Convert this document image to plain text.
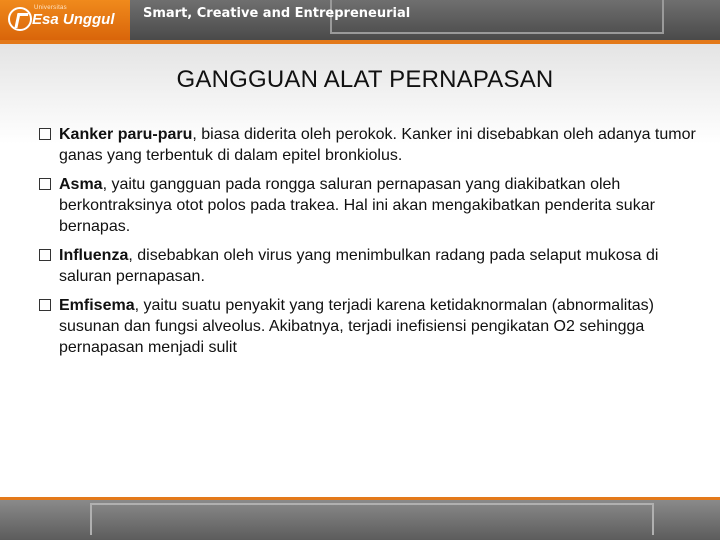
Universitas
Esa Unggul Smart, Creative and Entrepreneurial
GANGGUAN ALAT PERNAPASAN
Kanker paru-paru, biasa diderita oleh perokok. Kanker ini disebabkan oleh adanya tumor ganas yang terbentuk di dalam epitel bronkiolus.
Asma, yaitu gangguan pada rongga saluran pernapasan yang diakibatkan oleh berkontraksinya otot polos pada trakea. Hal ini akan mengakibatkan penderita sukar bernapas.
Influenza, disebabkan oleh virus yang menimbulkan radang pada selaput mukosa di saluran pernapasan.
Emfisema, yaitu suatu penyakit yang terjadi karena ketidaknormalan (abnormalitas) susunan dan fungsi alveolus. Akibatnya, terjadi inefisiensi pengikatan O2 sehingga pernapasan menjadi sulit
